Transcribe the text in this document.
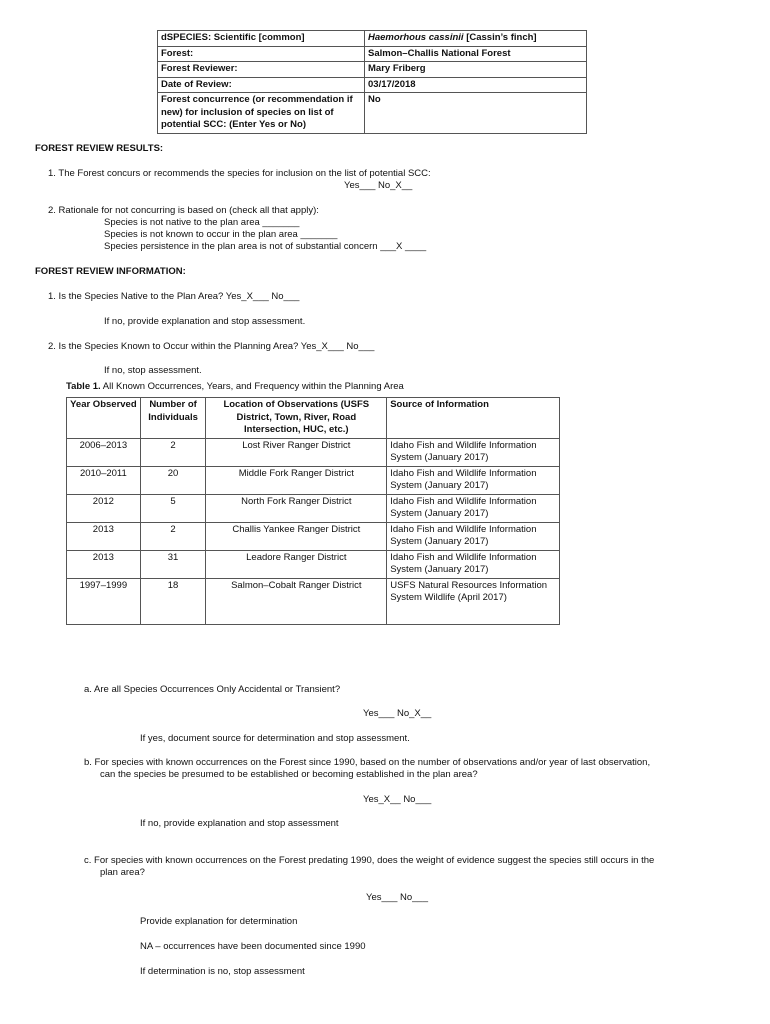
dSPECIES: Scientific [common]	Haemorhous cassinii [Cassin’s finch]
Forest:	Salmon–Challis National Forest
Forest Reviewer:	Mary Friberg
Date of Review:	03/17/2018
Forest concurrence (or recommendation if new) for inclusion of species on list of potential SCC: (Enter Yes or No)	No
FOREST REVIEW RESULTS:
1. The Forest concurs or recommends the species for inclusion on the list of potential SCC:
Yes___ No_X__
2. Rationale for not concurring is based on (check all that apply):
Species is not native to the plan area _______
Species is not known to occur in the plan area _______
Species persistence in the plan area is not of substantial concern ___X ____
FOREST REVIEW INFORMATION:
1. Is the Species Native to the Plan Area? Yes_X___ No___
If no, provide explanation and stop assessment.
2. Is the Species Known to Occur within the Planning Area? Yes_X___ No___
If no, stop assessment.
Table 1. All Known Occurrences, Years, and Frequency within the Planning Area
Year Observed	Number of Individuals	Location of Observations (USFS District, Town, River, Road Intersection, HUC, etc.)	Source of Information
2006–2013	2	Lost River Ranger District	Idaho Fish and Wildlife Information System (January 2017)
2010–2011	20	Middle Fork Ranger District	Idaho Fish and Wildlife Information System (January 2017)
2012	5	North Fork Ranger District	Idaho Fish and Wildlife Information System (January 2017)
2013	2	Challis Yankee Ranger District	Idaho Fish and Wildlife Information System (January 2017)
2013	31	Leadore Ranger District	Idaho Fish and Wildlife Information System (January 2017)
1997–1999	18	Salmon–Cobalt Ranger District	USFS Natural Resources Information System Wildlife (April 2017)
a. Are all Species Occurrences Only Accidental or Transient?
Yes___ No_X__
If yes, document source for determination and stop assessment.
b. For species with known occurrences on the Forest since 1990, based on the number of observations and/or year of last observation,
can the species be presumed to be established or becoming established in the plan area?
Yes_X__ No___
If no, provide explanation and stop assessment
c. For species with known occurrences on the Forest predating 1990, does the weight of evidence suggest the species still occurs in the
plan area?
Yes___ No___
Provide explanation for determination
NA – occurrences have been documented since 1990
If determination is no, stop assessment
